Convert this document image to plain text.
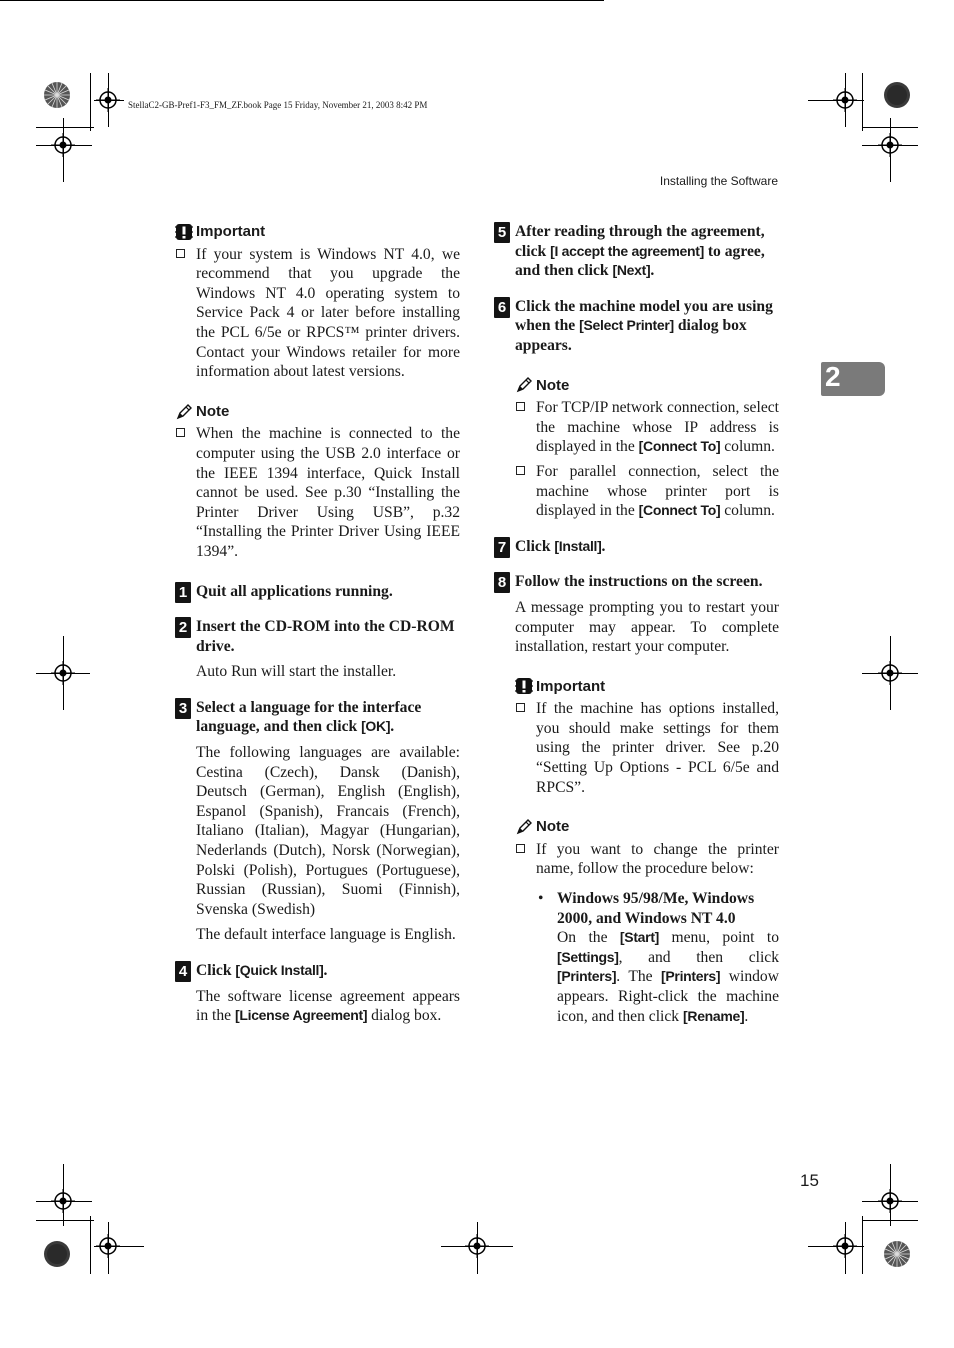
StellaC2-GB-Pref1-F3_FM_ZF.book Page 15 Friday, November 21, 2003 8:42 PM
Installing the Software
2
15
Important
If your system is Windows NT 4.0, we recommend that you upgrade the Windows NT 4.0 operating system to Service Pack 4 or later before installing the PCL 6/5e or RPCS™ printer drivers. Contact your Windows retailer for more information about latest versions.
Note
When the machine is connected to the computer using the USB 2.0 interface or the IEEE 1394 interface, Quick Install cannot be used. See p.30 “Installing the Printer Driver Using USB”, p.32 “Installing the Printer Driver Using IEEE 1394”.
1 Quit all applications running.
2 Insert the CD-ROM into the CD-ROM drive.
Auto Run will start the installer.
3 Select a language for the interface language, and then click [OK].
The following languages are available: Cestina (Czech), Dansk (Danish), Deutsch (German), English (English), Espanol (Spanish), Francais (French), Italiano (Italian), Magyar (Hungarian), Nederlands (Dutch), Norsk (Norwegian), Polski (Polish), Portugues (Portuguese), Russian (Russian), Suomi (Finnish), Svenska (Swedish)
The default interface language is English.
4 Click [Quick Install].
The software license agreement appears in the [License Agreement] dialog box.
5 After reading through the agreement, click [I accept the agreement] to agree, and then click [Next].
6 Click the machine model you are using when the [Select Printer] dialog box appears.
Note
For TCP/IP network connection, select the machine whose IP address is displayed in the [Connect To] column.
For parallel connection, select the machine whose printer port is displayed in the [Connect To] column.
7 Click [Install].
8 Follow the instructions on the screen.
A message prompting you to restart your computer may appear. To complete installation, restart your computer.
Important
If the machine has options installed, you should make settings for them using the printer driver. See p.20 “Setting Up Options - PCL 6/5e and RPCS”.
Note
If you want to change the printer name, follow the procedure below:
• Windows 95/98/Me, Windows 2000, and Windows NT 4.0
On the [Start] menu, point to [Settings], and then click [Printers]. The [Printers] window appears. Right-click the machine icon, and then click [Rename].
